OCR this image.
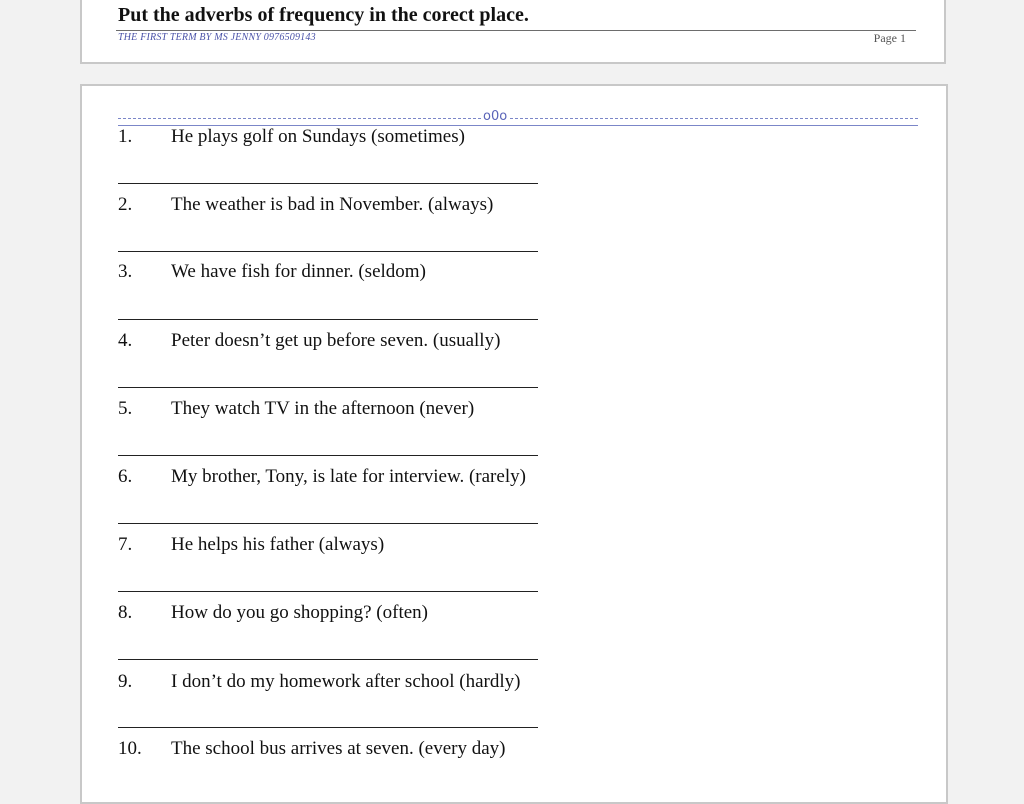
Put the adverbs of frequency in the corect place.
THE FIRST TERM BY MS JENNY 0976509143	Page 1
o0o
1. He plays golf on Sundays (sometimes)
2. The weather is bad in November. (always)
3. We have fish for dinner. (seldom)
4. Peter doesn’t get up before seven. (usually)
5. They watch TV in the afternoon (never)
6. My brother, Tony, is late for interview. (rarely)
7. He helps his father (always)
8. How do you go shopping? (often)
9. I don’t do my homework after school (hardly)
10. The school bus arrives at seven. (every day)
